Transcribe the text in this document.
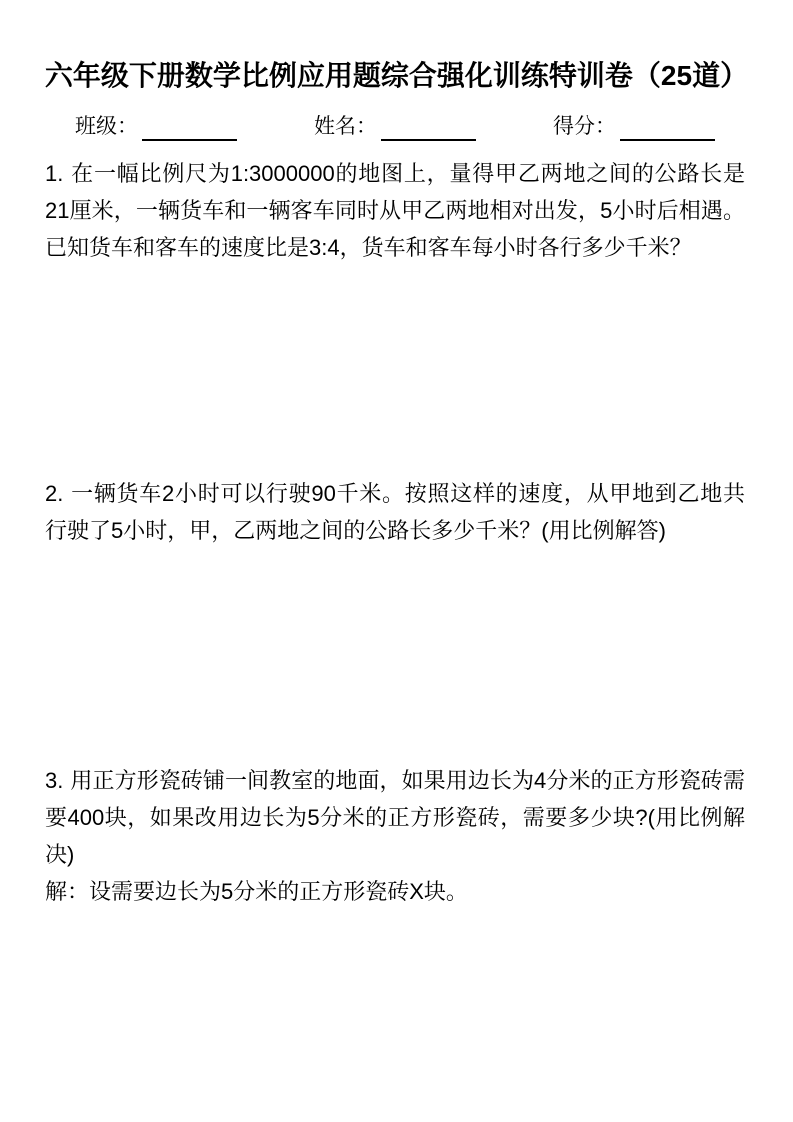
六年级下册数学比例应用题综合强化训练特训卷（25道）
班级：	姓名：	得分：

1. 在一幅比例尺为1:3000000的地图上，量得甲乙两地之间的公路长是21厘米，一辆货车和一辆客车同时从甲乙两地相对出发，5小时后相遇。已知货车和客车的速度比是3:4，货车和客车每小时各行多少千米？

2. 一辆货车2小时可以行驶90千米。按照这样的速度，从甲地到乙地共行驶了5小时，甲，乙两地之间的公路长多少千米？(用比例解答)

3. 用正方形瓷砖铺一间教室的地面，如果用边长为4分米的正方形瓷砖需要400块，如果改用边长为5分米的正方形瓷砖，需要多少块?(用比例解决)

解：设需要边长为5分米的正方形瓷砖X块。
